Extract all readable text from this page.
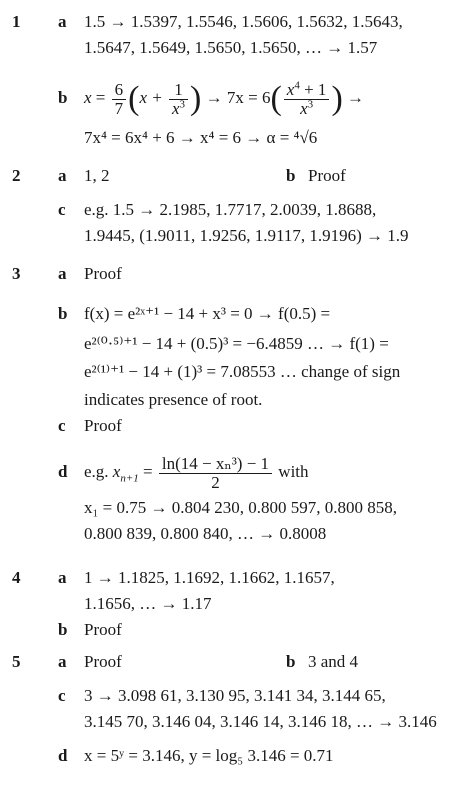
1 a 1.5 → 1.5397, 1.5546, 1.5606, 1.5632, 1.5643,
1.5647, 1.5649, 1.5650, 1.5650, … → 1.57
b $x = \frac{6}{7} (x + \frac{1}{x^3}$ ) → $7x = 6( \frac{x^4 + 1}{x^3}$ ) →
7x⁴ = 6x⁴ + 6 → x⁴ = 6 → α = ⁴√6
2 a 1, 2	b Proof
c e.g. 1.5 → 2.1985, 1.7717, 2.0039, 1.8688,
1.9445, (1.9011, 1.9256, 1.9117, 1.9196) → 1.9
3 a Proof
b f(x) = e²ˣ⁺¹ − 14 + x³ = 0 → f(0.5) =
e²⁽⁰·⁵⁾⁺¹ − 14 + (0.5)³ = −6.4859 … → f(1) =
e²⁽¹⁾⁺¹ − 14 + (1)³ = 7.08553 … change of sign
indicates presence of root.
c Proof
d e.g. $x_{n+1} = \frac{\text{ln(14 − xₙ³) − 1}}{2}$ with
x₁ = 0.75 → 0.804 230, 0.800 597, 0.800 858,
0.800 839, 0.800 840, … → 0.8008
4 a 1 → 1.1825, 1.1692, 1.1662, 1.1657,
1.1656, … → 1.17
b Proof
5 a Proof	b 3 and 4
c 3 → 3.098 61, 3.130 95, 3.141 34, 3.144 65,
3.145 70, 3.146 04, 3.146 14, 3.146 18, … → 3.146
d x = 5ʸ = 3.146, y = log₅ 3.146 = 0.71
